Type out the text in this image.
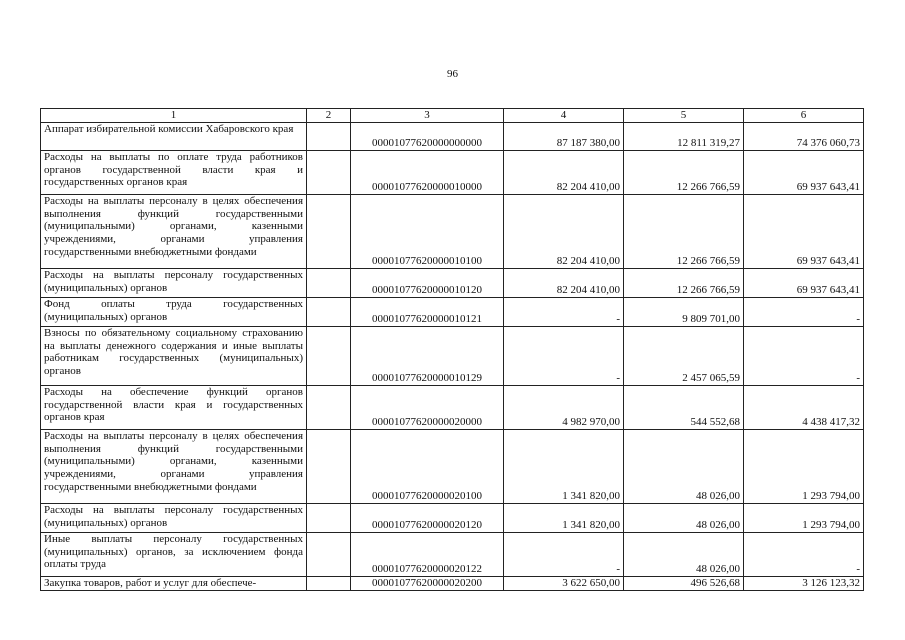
96
1	2	3	4	5	6
Аппарат избирательной комиссии Хабаровского края		00001077620000000000	87 187 380,00	12 811 319,27	74 376 060,73
Расходы на выплаты по оплате труда работников органов государственной власти края и государственных органов края		00001077620000010000	82 204 410,00	12 266 766,59	69 937 643,41
Расходы на выплаты персоналу в целях обеспечения выполнения функций государственными (муниципальными) органами, казенными учреждениями, органами управления государственными внебюджетными фондами		00001077620000010100	82 204 410,00	12 266 766,59	69 937 643,41
Расходы на выплаты персоналу государственных (муниципальных) органов		00001077620000010120	82 204 410,00	12 266 766,59	69 937 643,41
Фонд оплаты труда государственных (муниципальных) органов		00001077620000010121	-	9 809 701,00	-
Взносы по обязательному социальному страхованию на выплаты денежного содержания и иные выплаты работникам государственных (муниципальных) органов		00001077620000010129	-	2 457 065,59	-
Расходы на обеспечение функций органов государственной власти края и государственных органов края		00001077620000020000	4 982 970,00	544 552,68	4 438 417,32
Расходы на выплаты персоналу в целях обеспечения выполнения функций государственными (муниципальными) органами, казенными учреждениями, органами управления государственными внебюджетными фондами		00001077620000020100	1 341 820,00	48 026,00	1 293 794,00
Расходы на выплаты персоналу государственных (муниципальных) органов		00001077620000020120	1 341 820,00	48 026,00	1 293 794,00
Иные выплаты персоналу государственных (муниципальных) органов, за исключением фонда оплаты труда		00001077620000020122	-	48 026,00	-
Закупка товаров, работ и услуг для обеспече-		00001077620000020200	3 622 650,00	496 526,68	3 126 123,32
